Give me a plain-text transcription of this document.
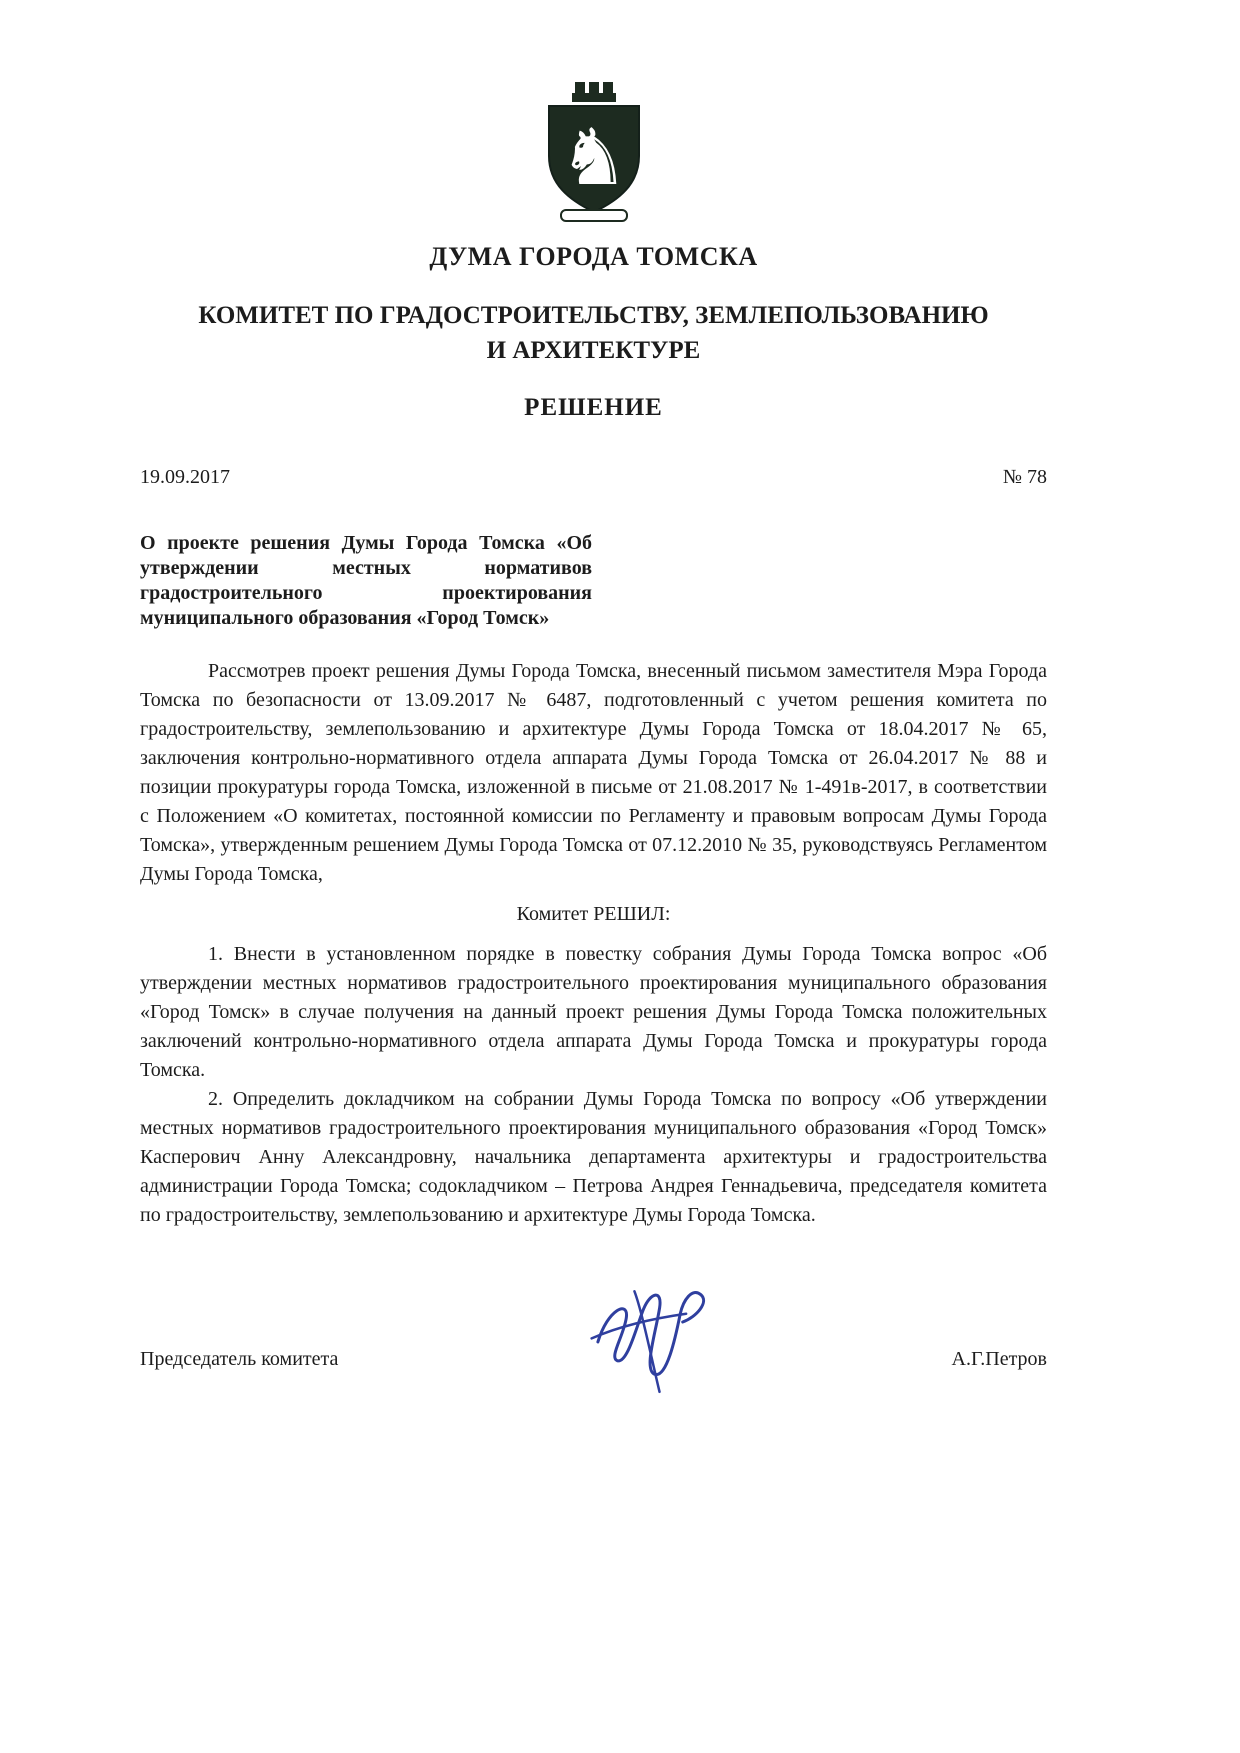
♞
ДУМА ГОРОДА ТОМСКА
КОМИТЕТ ПО ГРАДОСТРОИТЕЛЬСТВУ, ЗЕМЛЕПОЛЬЗОВАНИЮ
И АРХИТЕКТУРЕ
РЕШЕНИЕ
19.09.2017	№ 78

О проекте решения Думы Города Томска «Об утверждении местных нормативов градостроительного проектирования муниципального образования «Город Томск»

Рассмотрев проект решения Думы Города Томска, внесенный письмом заместителя Мэра Города Томска по безопасности от 13.09.2017 № 6487, подготовленный с учетом решения комитета по градостроительству, землепользованию и архитектуре Думы Города Томска от 18.04.2017 № 65, заключения контрольно-нормативного отдела аппарата Думы Города Томска от 26.04.2017 № 88 и позиции прокуратуры города Томска, изложенной в письме от 21.08.2017 № 1-491в-2017, в соответствии с Положением «О комитетах, постоянной комиссии по Регламенту и правовым вопросам Думы Города Томска», утвержденным решением Думы Города Томска от 07.12.2010 № 35, руководствуясь Регламентом Думы Города Томска,

Комитет РЕШИЛ:

1. Внести в установленном порядке в повестку собрания Думы Города Томска вопрос «Об утверждении местных нормативов градостроительного проектирования муниципального образования «Город Томск» в случае получения на данный проект решения Думы Города Томска положительных заключений контрольно-нормативного отдела аппарата Думы Города Томска и прокуратуры города Томска.

2. Определить докладчиком на собрании Думы Города Томска по вопросу «Об утверждении местных нормативов градостроительного проектирования муниципального образования «Город Томск» Касперович Анну Александровну, начальника департамента архитектуры и градостроительства администрации Города Томска; содокладчиком – Петрова Андрея Геннадьевича, председателя комитета по градостроительству, землепользованию и архитектуре Думы Города Томска.

Председатель комитета	А.Г.Петров
